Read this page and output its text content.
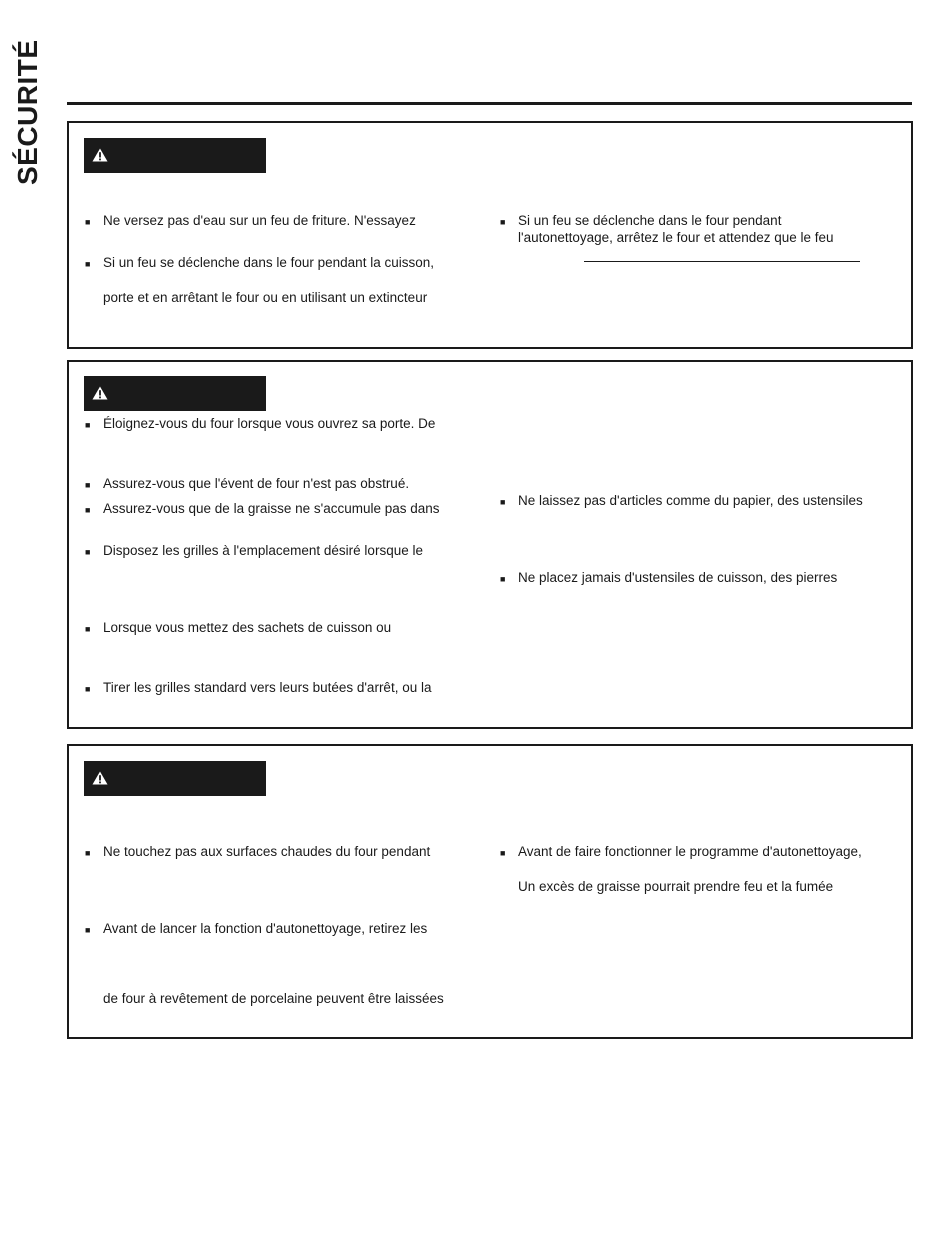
SÉCURITÉ
■ Ne versez pas d'eau sur un feu de friture. N'essayez
■ Si un feu se déclenche dans le four pendant la cuisson,
porte et en arrêtant le four ou en utilisant un extincteur
■ Si un feu se déclenche dans le four pendant
l'autonettoyage, arrêtez le four et attendez que le feu
■ Éloignez-vous du four lorsque vous ouvrez sa porte. De
■ Assurez-vous que l'évent de four n'est pas obstrué.
■ Assurez-vous que de la graisse ne s'accumule pas dans
■ Disposez les grilles à l'emplacement désiré lorsque le
■ Lorsque vous mettez des sachets de cuisson ou
■ Tirer les grilles standard vers leurs butées d'arrêt, ou la
■ Ne laissez pas d'articles comme du papier, des ustensiles
■ Ne placez jamais d'ustensiles de cuisson, des pierres
■ Ne touchez pas aux surfaces chaudes du four pendant
■ Avant de lancer la fonction d'autonettoyage, retirez les
de four à revêtement de porcelaine peuvent être laissées
■ Avant de faire fonctionner le programme d'autonettoyage,
Un excès de graisse pourrait prendre feu et la fumée
